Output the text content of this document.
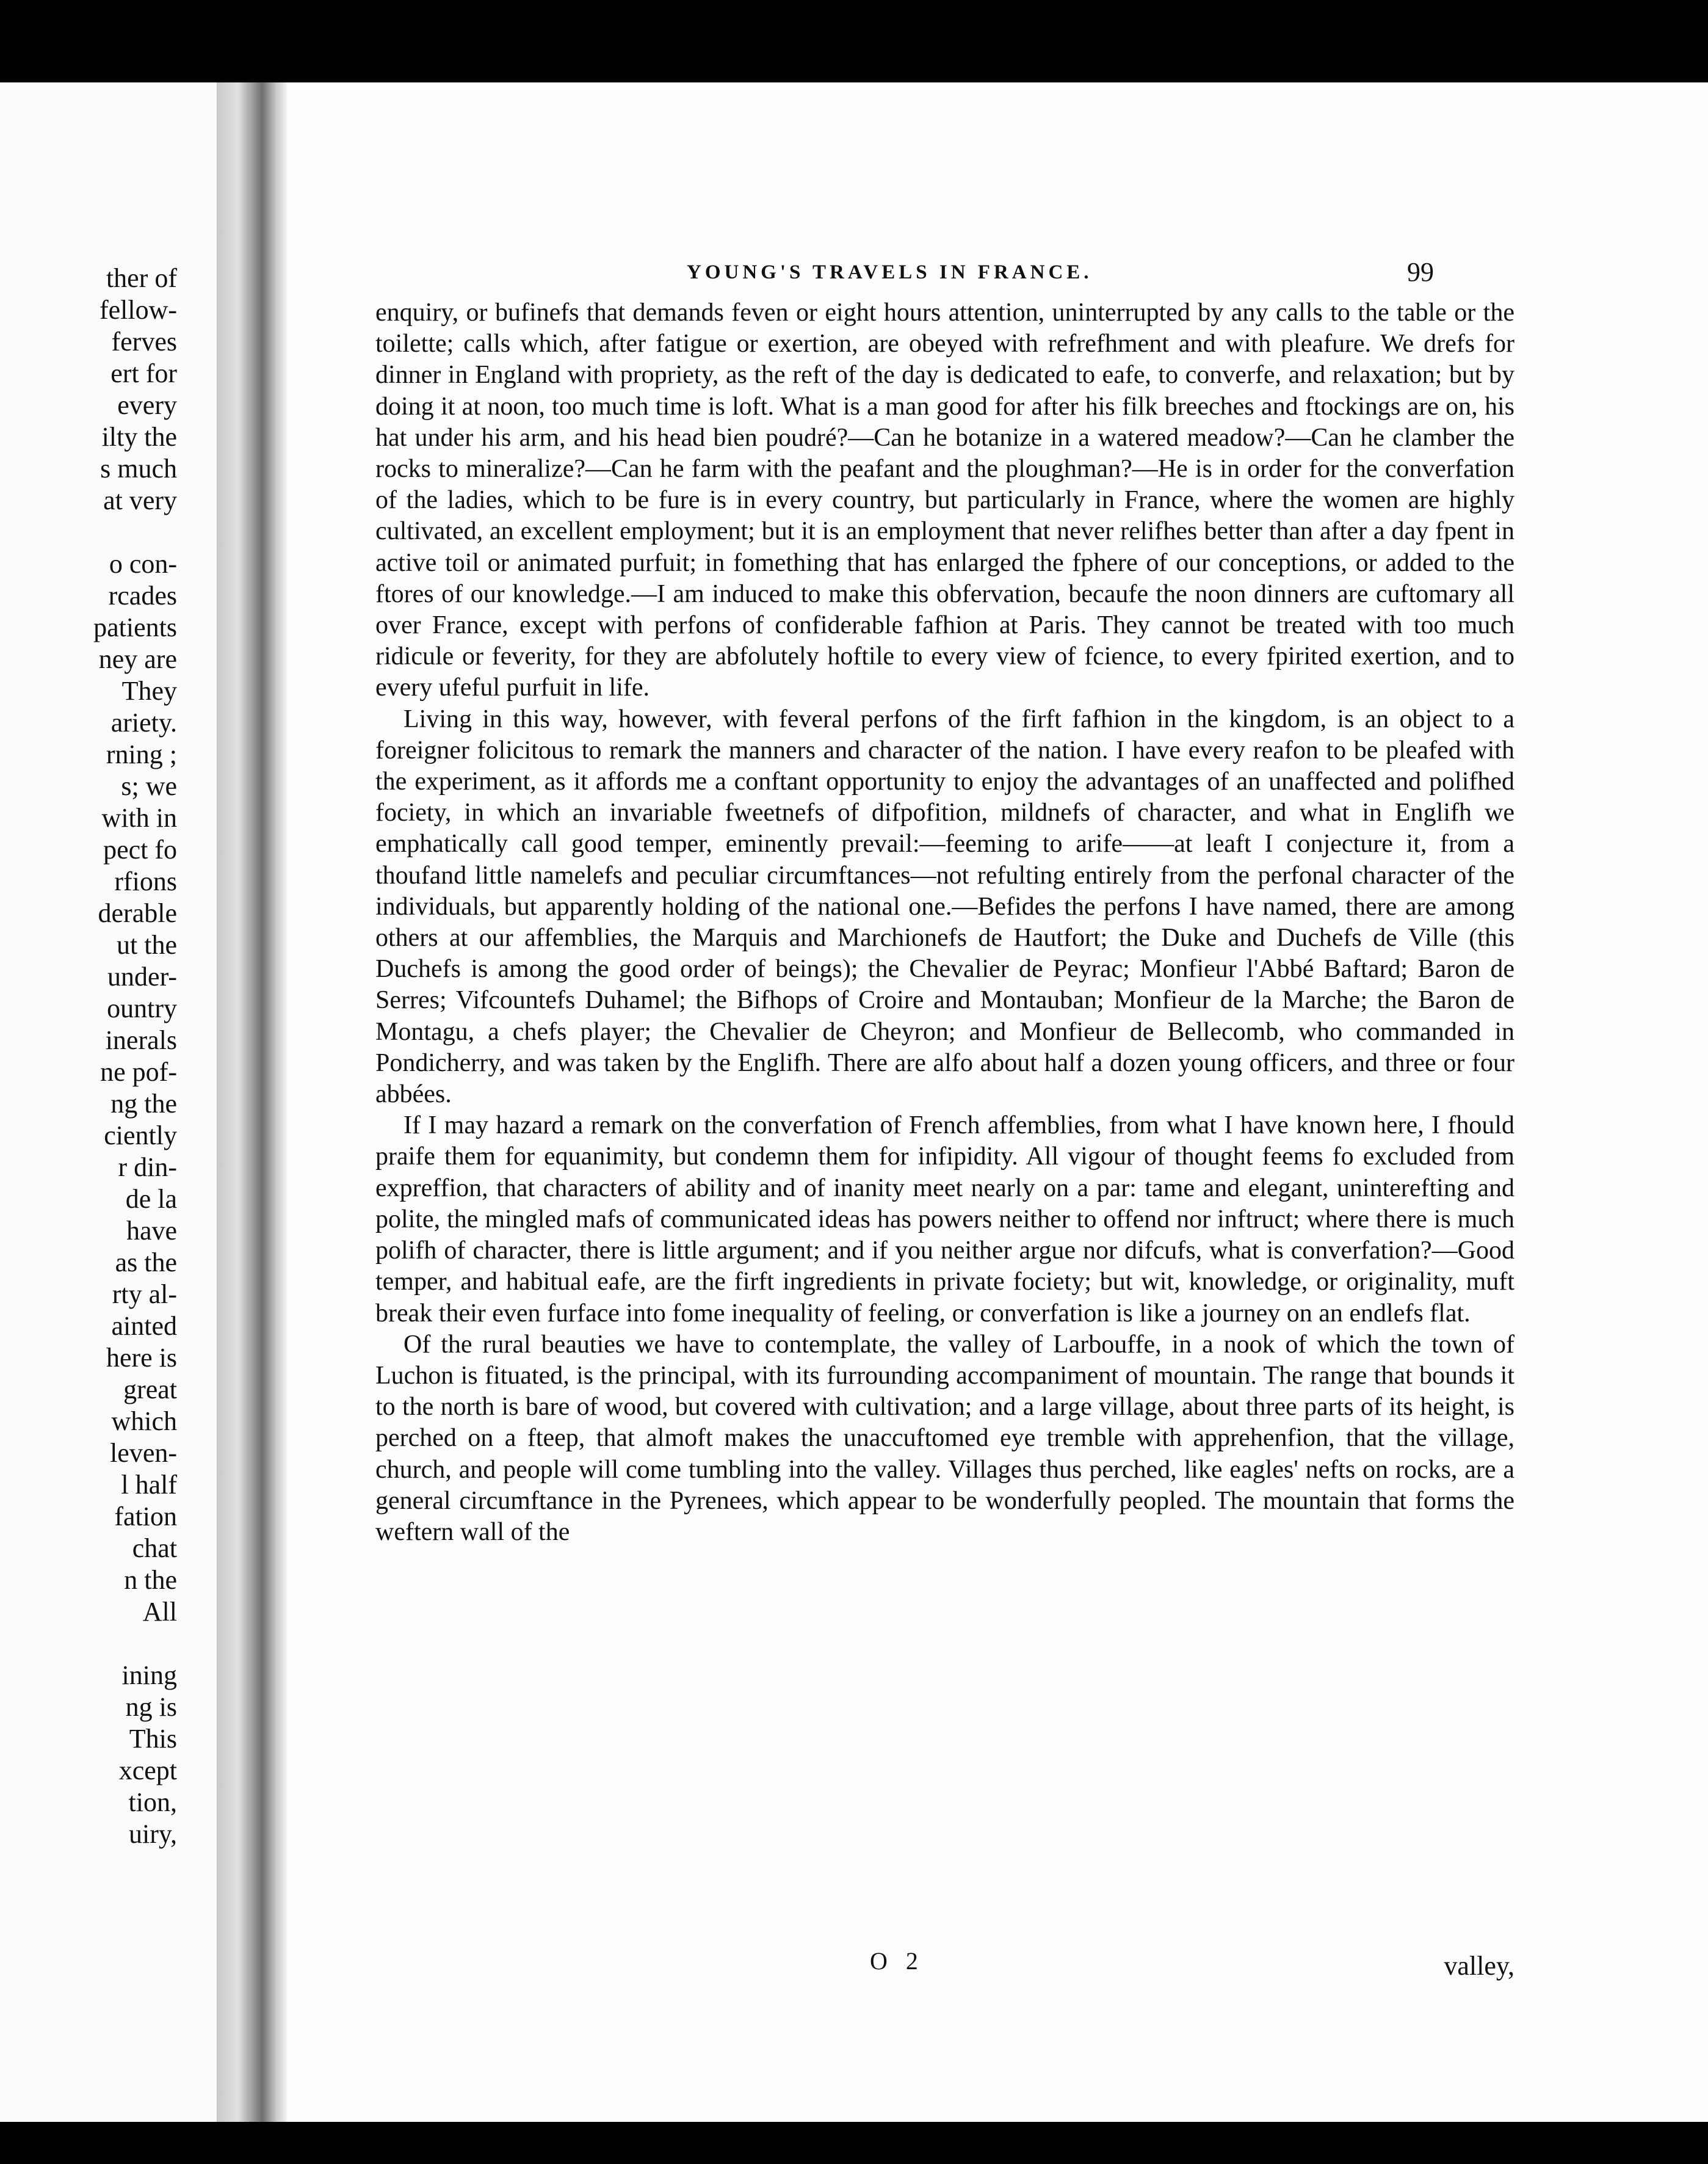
ther of
fellow-
ferves
ert for
every
ilty the
s much
at very
o con-
rcades
patients
ney are
They
ariety.
rning ;
s; we
with in
pect fo
rfions
derable
ut the
under-
ountry
inerals
ne pof-
ng the
ciently
r din-
de la
have
as the
rty al-
ainted
here is
great
which
leven-
l half
fation
chat
n the
All
ining
ng is
This
xcept
tion,
uiry,
YOUNG'S TRAVELS IN FRANCE.	99

enquiry, or bufinefs that demands feven or eight hours attention, uninterrupted by any calls to the table or the toilette; calls which, after fatigue or exertion, are obeyed with refrefhment and with pleafure. We drefs for dinner in England with propriety, as the reft of the day is dedicated to eafe, to converfe, and relaxation; but by doing it at noon, too much time is loft. What is a man good for after his filk breeches and ftockings are on, his hat under his arm, and his head bien poudré?—Can he botanize in a watered meadow?—Can he clamber the rocks to mineralize?—Can he farm with the peafant and the ploughman?—He is in order for the converfation of the ladies, which to be fure is in every country, but particularly in France, where the women are highly cultivated, an excellent employment; but it is an employment that never relifhes better than after a day fpent in active toil or animated purfuit; in fomething that has enlarged the fphere of our conceptions, or added to the ftores of our knowledge.—I am induced to make this obfervation, becaufe the noon dinners are cuftomary all over France, except with perfons of confiderable fafhion at Paris. They cannot be treated with too much ridicule or feverity, for they are abfolutely hoftile to every view of fcience, to every fpirited exertion, and to every ufeful purfuit in life.

Living in this way, however, with feveral perfons of the firft fafhion in the kingdom, is an object to a foreigner folicitous to remark the manners and character of the nation. I have every reafon to be pleafed with the experiment, as it affords me a conftant opportunity to enjoy the advantages of an unaffected and polifhed fociety, in which an invariable fweetnefs of difpofition, mildnefs of character, and what in Englifh we emphatically call good temper, eminently prevail:—feeming to arife——at leaft I conjecture it, from a thoufand little namelefs and peculiar circumftances—not refulting entirely from the perfonal character of the individuals, but apparently holding of the national one.—Befides the perfons I have named, there are among others at our affemblies, the Marquis and Marchionefs de Hautfort; the Duke and Duchefs de Ville (this Duchefs is among the good order of beings); the Chevalier de Peyrac; Monfieur l'Abbé Baftard; Baron de Serres; Vifcountefs Duhamel; the Bifhops of Croire and Montauban; Monfieur de la Marche; the Baron de Montagu, a chefs player; the Chevalier de Cheyron; and Monfieur de Bellecomb, who commanded in Pondicherry, and was taken by the Englifh. There are alfo about half a dozen young officers, and three or four abbées.

If I may hazard a remark on the converfation of French affemblies, from what I have known here, I fhould praife them for equanimity, but condemn them for infipidity. All vigour of thought feems fo excluded from expreffion, that characters of ability and of inanity meet nearly on a par: tame and elegant, uninterefting and polite, the mingled mafs of communicated ideas has powers neither to offend nor inftruct; where there is much polifh of character, there is little argument; and if you neither argue nor difcufs, what is converfation?—Good temper, and habitual eafe, are the firft ingredients in private fociety; but wit, knowledge, or originality, muft break their even furface into fome inequality of feeling, or converfation is like a journey on an endlefs flat.

Of the rural beauties we have to contemplate, the valley of Larbouffe, in a nook of which the town of Luchon is fituated, is the principal, with its furrounding accompaniment of mountain. The range that bounds it to the north is bare of wood, but covered with cultivation; and a large village, about three parts of its height, is perched on a fteep, that almoft makes the unaccuftomed eye tremble with apprehenfion, that the village, church, and people will come tumbling into the valley. Villages thus perched, like eagles' nefts on rocks, are a general circumftance in the Pyrenees, which appear to be wonderfully peopled. The mountain that forms the weftern wall of the

O 2	valley,
